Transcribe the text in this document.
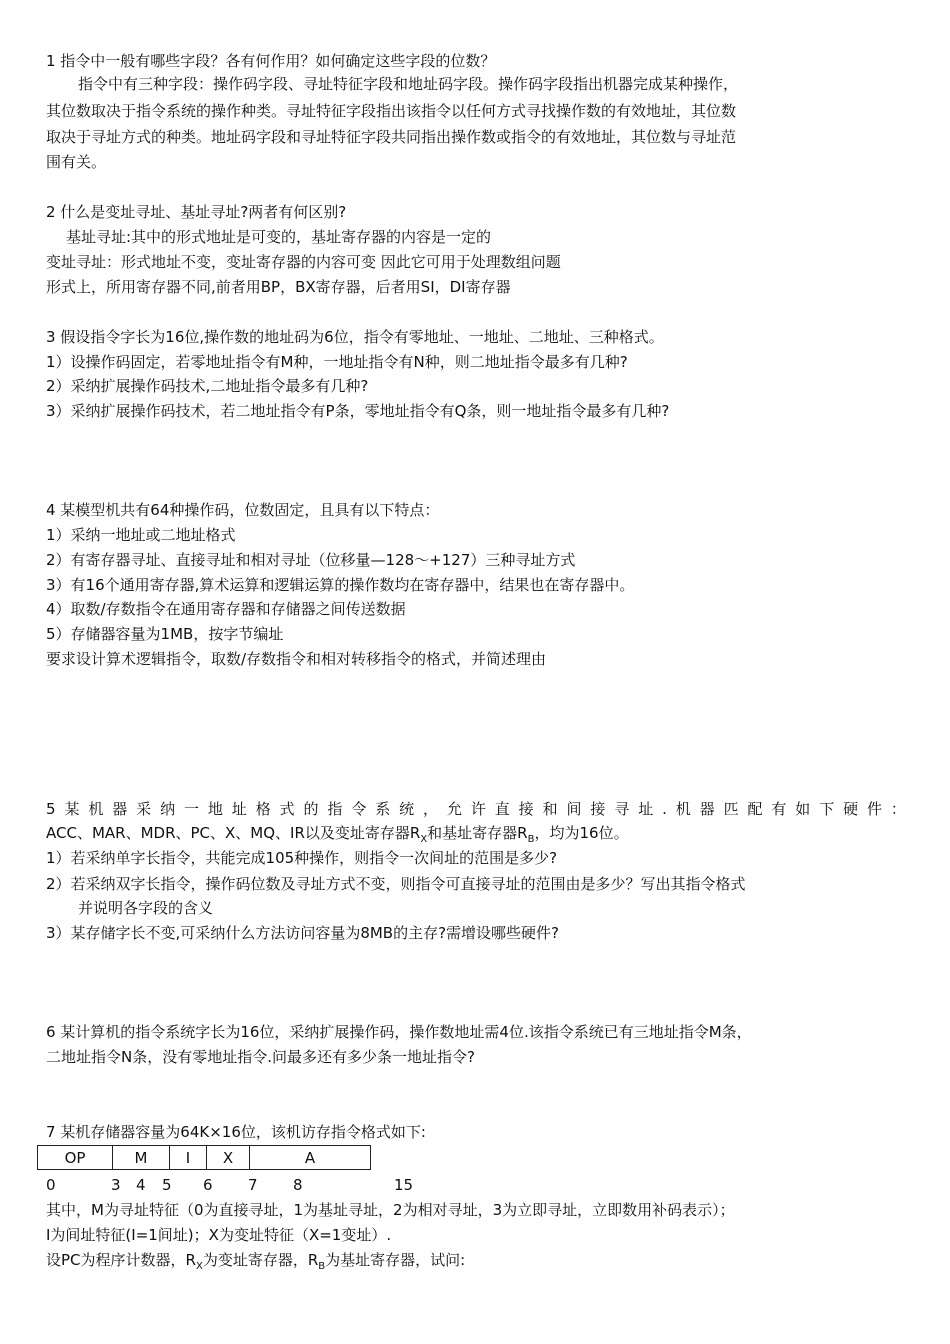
1 指令中一般有哪些字段？各有何作用？如何确定这些字段的位数？
指令中有三种字段：操作码字段、寻址特征字段和地址码字段。操作码字段指出机器完成某种操作，
其位数取决于指令系统的操作种类。寻址特征字段指出该指令以任何方式寻找操作数的有效地址，其位数
取决于寻址方式的种类。地址码字段和寻址特征字段共同指出操作数或指令的有效地址，其位数与寻址范
围有关。
2 什么是变址寻址、基址寻址?两者有何区别?
基址寻址:其中的形式地址是可变的，基址寄存器的内容是一定的
变址寻址：形式地址不变，变址寄存器的内容可变 因此它可用于处理数组问题
形式上，所用寄存器不同,前者用BP，BX寄存器，后者用SI，DI寄存器
3 假设指令字长为16位,操作数的地址码为6位，指令有零地址、一地址、二地址、三种格式。
1）设操作码固定，若零地址指令有M种，一地址指令有N种，则二地址指令最多有几种?
2）采纳扩展操作码技术,二地址指令最多有几种?
3）采纳扩展操作码技术，若二地址指令有P条，零地址指令有Q条，则一地址指令最多有几种?
4 某模型机共有64种操作码，位数固定，且具有以下特点：
1）采纳一地址或二地址格式
2）有寄存器寻址、直接寻址和相对寻址（位移量—128～+127）三种寻址方式
3）有16个通用寄存器,算术运算和逻辑运算的操作数均在寄存器中，结果也在寄存器中。
4）取数/存数指令在通用寄存器和存储器之间传送数据
5）存储器容量为1MB，按字节编址
要求设计算术逻辑指令，取数/存数指令和相对转移指令的格式，并简述理由
5 某 机 器 采 纳 一 地 址 格 式 的 指 令 系 统 ， 允 许 直 接 和 间 接 寻 址 . 机 器 匹 配 有 如 下 硬 件 ：
ACC、MAR、MDR、PC、X、MQ、IR以及变址寄存器$R_X$和基址寄存器$R_B$，均为16位。
1）若采纳单字长指令，共能完成105种操作，则指令一次间址的范围是多少?
2）若采纳双字长指令，操作码位数及寻址方式不变，则指令可直接寻址的范围由是多少？写出其指令格式
并说明各字段的含义
3）某存储字长不变,可采纳什么方法访问容量为8MB的主存?需增设哪些硬件?
6 某计算机的指令系统字长为16位，采纳扩展操作码，操作数地址需4位.该指令系统已有三地址指令M条，
二地址指令N条，没有零地址指令.问最多还有多少条一地址指令?
7 某机存储器容量为64K×16位，该机访存指令格式如下:
OP	M	I	X	A
0	3 4 5 6 7 8	15
其中，M为寻址特征（0为直接寻址，1为基址寻址，2为相对寻址，3为立即寻址，立即数用补码表示）；
I为间址特征(I=1间址)；X为变址特征（X=1变址）.
设PC为程序计数器，$R_X$为变址寄存器，$R_B$为基址寄存器，试问:
